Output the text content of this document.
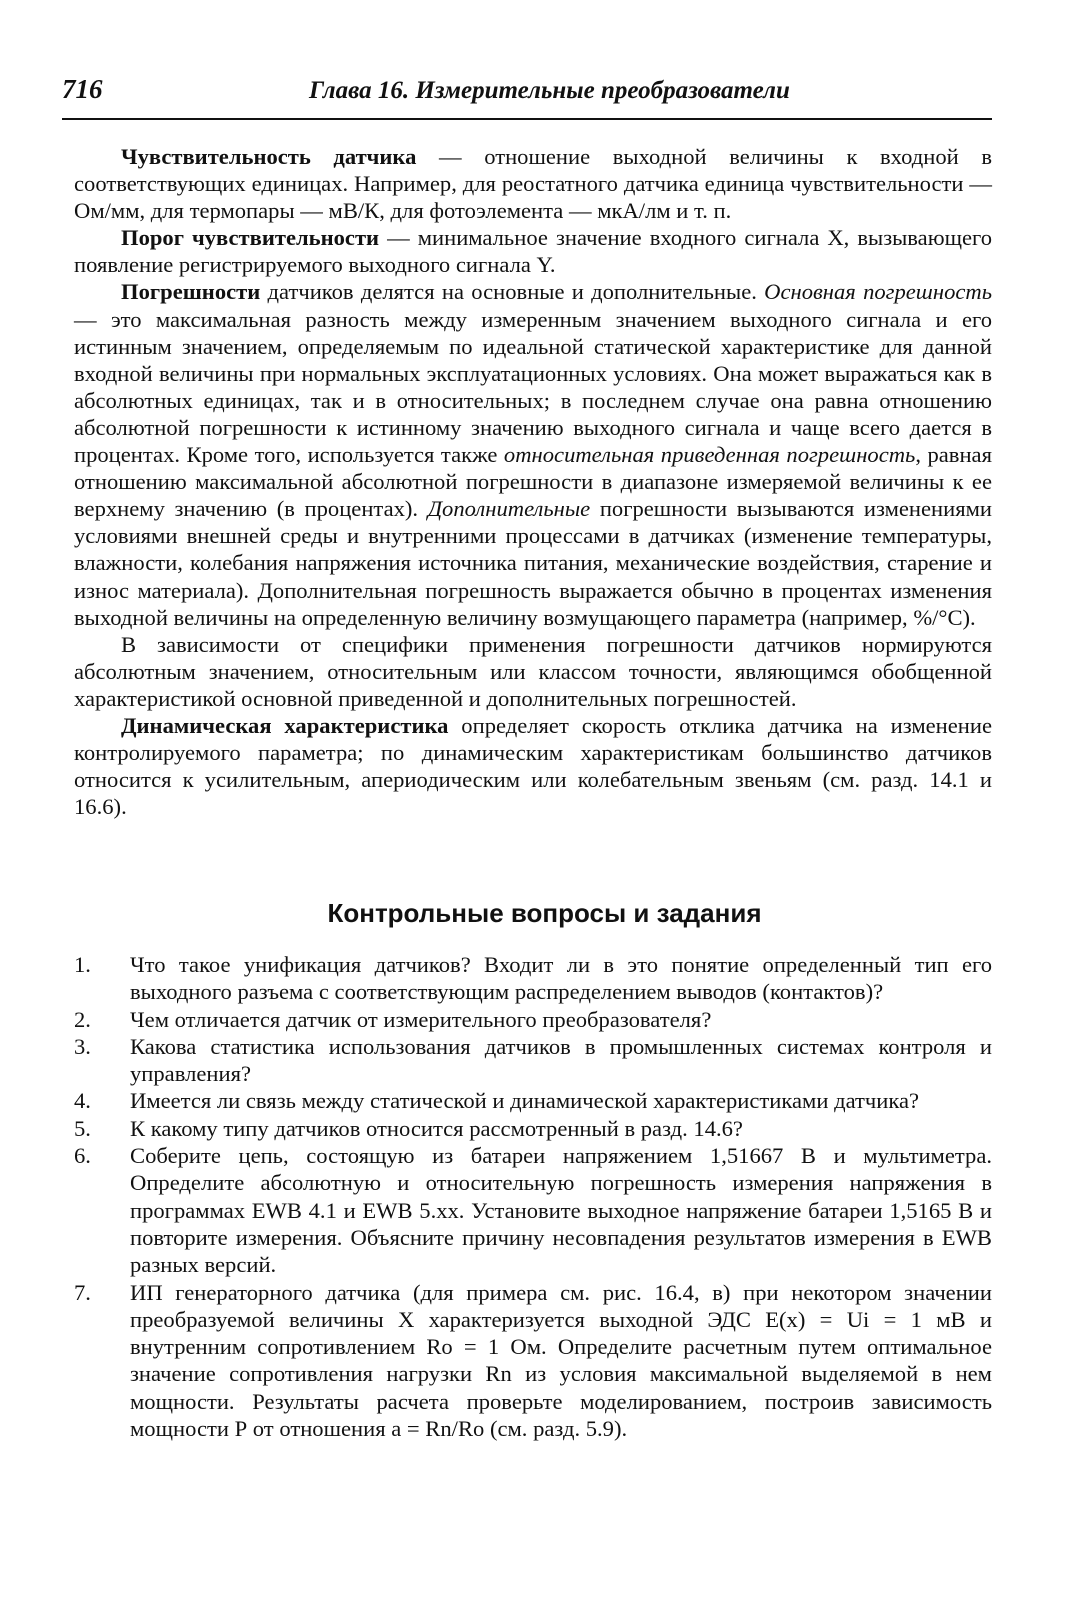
716	Глава 16. Измерительные преобразователи

Чувствительность датчика — отношение выходной величины к входной в соответствующих единицах. Например, для реостатного датчика единица чувствительности — Ом/мм, для термопары — мВ/К, для фотоэлемента — мкА/лм и т. п.

Порог чувствительности — минимальное значение входного сигнала X, вызывающего появление регистрируемого выходного сигнала Y.

Погрешности датчиков делятся на основные и дополнительные. Основная погрешность — это максимальная разность между измеренным значением выходного сигнала и его истинным значением, определяемым по идеальной статической характеристике для данной входной величины при нормальных эксплуатационных условиях. Она может выражаться как в абсолютных единицах, так и в относительных; в последнем случае она равна отношению абсолютной погрешности к истинному значению выходного сигнала и чаще всего дается в процентах. Кроме того, используется также относительная приведенная погрешность, равная отношению максимальной абсолютной погрешности в диапазоне измеряемой величины к ее верхнему значению (в процентах). Дополнительные погрешности вызываются изменениями условиями внешней среды и внутренними процессами в датчиках (изменение температуры, влажности, колебания напряжения источника питания, механические воздействия, старение и износ материала). Дополнительная погрешность выражается обычно в процентах изменения выходной величины на определенную величину возмущающего параметра (например, %/°С).

В зависимости от специфики применения погрешности датчиков нормируются абсолютным значением, относительным или классом точности, являющимся обобщенной характеристикой основной приведенной и дополнительных погрешностей.

Динамическая характеристика определяет скорость отклика датчика на изменение контролируемого параметра; по динамическим характеристикам большинство датчиков относится к усилительным, апериодическим или колебательным звеньям (см. разд. 14.1 и 16.6).

Контрольные вопросы и задания
1.	Что такое унификация датчиков? Входит ли в это понятие определенный тип его выходного разъема с соответствующим распределением выводов (контактов)?
2.	Чем отличается датчик от измерительного преобразователя?
3.	Какова статистика использования датчиков в промышленных системах контроля и управления?
4.	Имеется ли связь между статической и динамической характеристиками датчика?
5.	К какому типу датчиков относится рассмотренный в разд. 14.6?
6.	Соберите цепь, состоящую из батареи напряжением 1,51667 В и мультиметра. Определите абсолютную и относительную погрешность измерения напряжения в программах EWB 4.1 и EWB 5.хх. Установите выходное напряжение батареи 1,5165 В и повторите измерения. Объясните причину несовпадения результатов измерения в EWB разных версий.
7.	ИП генераторного датчика (для примера см. рис. 16.4, в) при некотором значении преобразуемой величины X характеризуется выходной ЭДС E(x) = Ui = 1 мВ и внутренним сопротивлением Ro = 1 Ом. Определите расчетным путем оптимальное значение сопротивления нагрузки Rn из условия максимальной выделяемой в нем мощности. Результаты расчета проверьте моделированием, построив зависимость мощности Р от отношения a = Rn/Ro (см. разд. 5.9).
